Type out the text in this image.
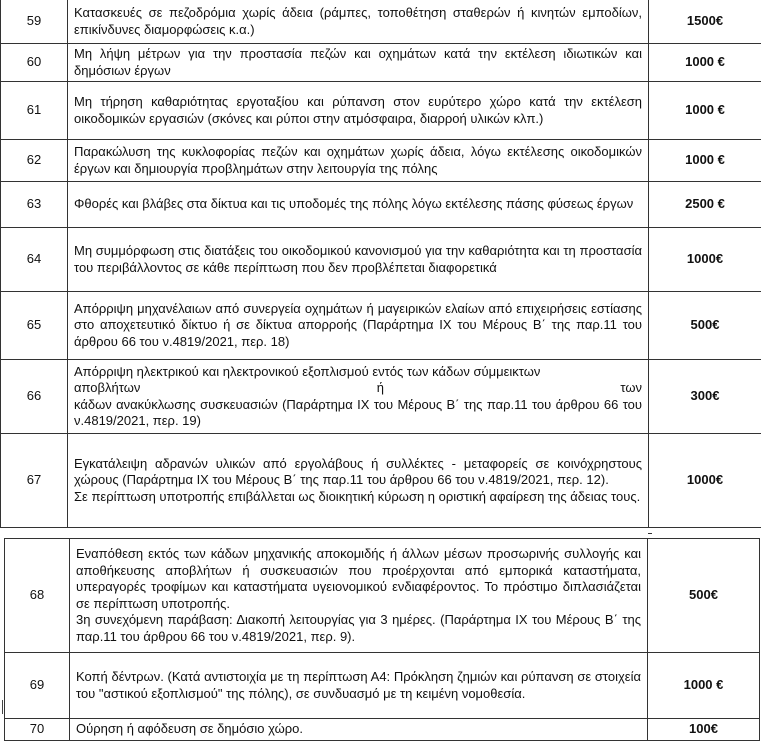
59	Κατασκευές σε πεζοδρόμια χωρίς άδεια (ράμπες, τοποθέτηση σταθερών ή κινητών εμποδίων, επικίνδυνες διαμορφώσεις κ.α.)	1500€
60	Μη λήψη μέτρων για την προστασία πεζών και οχημάτων κατά την εκτέλεση ιδιωτικών και δημόσιων έργων	1000 €
61	Μη τήρηση καθαριότητας εργοταξίου και ρύπανση στον ευρύτερο χώρο κατά την εκτέλεση οικοδομικών εργασιών (σκόνες και ρύποι στην ατμόσφαιρα, διαρροή υλικών κλπ.)	1000 €
62	Παρακώλυση της κυκλοφορίας πεζών και οχημάτων χωρίς άδεια, λόγω εκτέλεσης οικοδομικών έργων και δημιουργία προβλημάτων στην λειτουργία της πόλης	1000 €
63	Φθορές και βλάβες στα δίκτυα και τις υποδομές της πόλης λόγω εκτέλεσης πάσης φύσεως έργων	2500 €
64	Μη συμμόρφωση στις διατάξεις του οικοδομικού κανονισμού για την καθαριότητα και τη προστασία του περιβάλλοντος σε κάθε περίπτωση που δεν προβλέπεται διαφορετικά	1000€
65	Απόρριψη μηχανέλαιων από συνεργεία οχημάτων ή μαγειρικών ελαίων από επιχειρήσεις εστίασης στο αποχετευτικό δίκτυο ή σε δίκτυα απορροής (Παράρτημα ΙΧ του Μέρους Β΄ της παρ.11 του άρθρου 66 του ν.4819/2021, περ. 18)	500€
66	Απόρριψη ηλεκτρικού και ηλεκτρονικού εξοπλισμού εντός των κάδων σύμμεικτων
αποβλήτων ή των
κάδων ανακύκλωσης συσκευασιών (Παράρτημα ΙΧ του Μέρους Β΄ της παρ.11 του άρθρου 66 του ν.4819/2021, περ. 19)	300€
67	Εγκατάλειψη αδρανών υλικών από εργολάβους ή συλλέκτες - μεταφορείς σε κοινόχρηστους χώρους (Παράρτημα ΙΧ του Μέρους Β΄ της παρ.11 του άρθρου 66 του ν.4819/2021, περ. 12).
Σε περίπτωση υποτροπής επιβάλλεται ως διοικητική κύρωση η οριστική αφαίρεση της άδειας τους.	1000€
68	Εναπόθεση εκτός των κάδων μηχανικής αποκομιδής ή άλλων μέσων προσωρινής συλλογής και αποθήκευσης αποβλήτων ή συσκευασιών που προέρχονται από εμπορικά καταστήματα, υπεραγορές τροφίμων και καταστήματα υγειονομικού ενδιαφέροντος. Το πρόστιμο διπλασιάζεται σε περίπτωση υποτροπής.
3η συνεχόμενη παράβαση: Διακοπή λειτουργίας για 3 ημέρες. (Παράρτημα ΙΧ του Μέρους Β΄ της παρ.11 του άρθρου 66 του ν.4819/2021, περ. 9).	500€
69	Κοπή δέντρων. (Κατά αντιστοιχία με τη περίπτωση Α4: Πρόκληση ζημιών και ρύπανση σε στοιχεία του "αστικού εξοπλισμού" της πόλης), σε συνδυασμό με τη κειμένη νομοθεσία.	1000 €
70	Ούρηση ή αφόδευση σε δημόσιο χώρο.	100€
